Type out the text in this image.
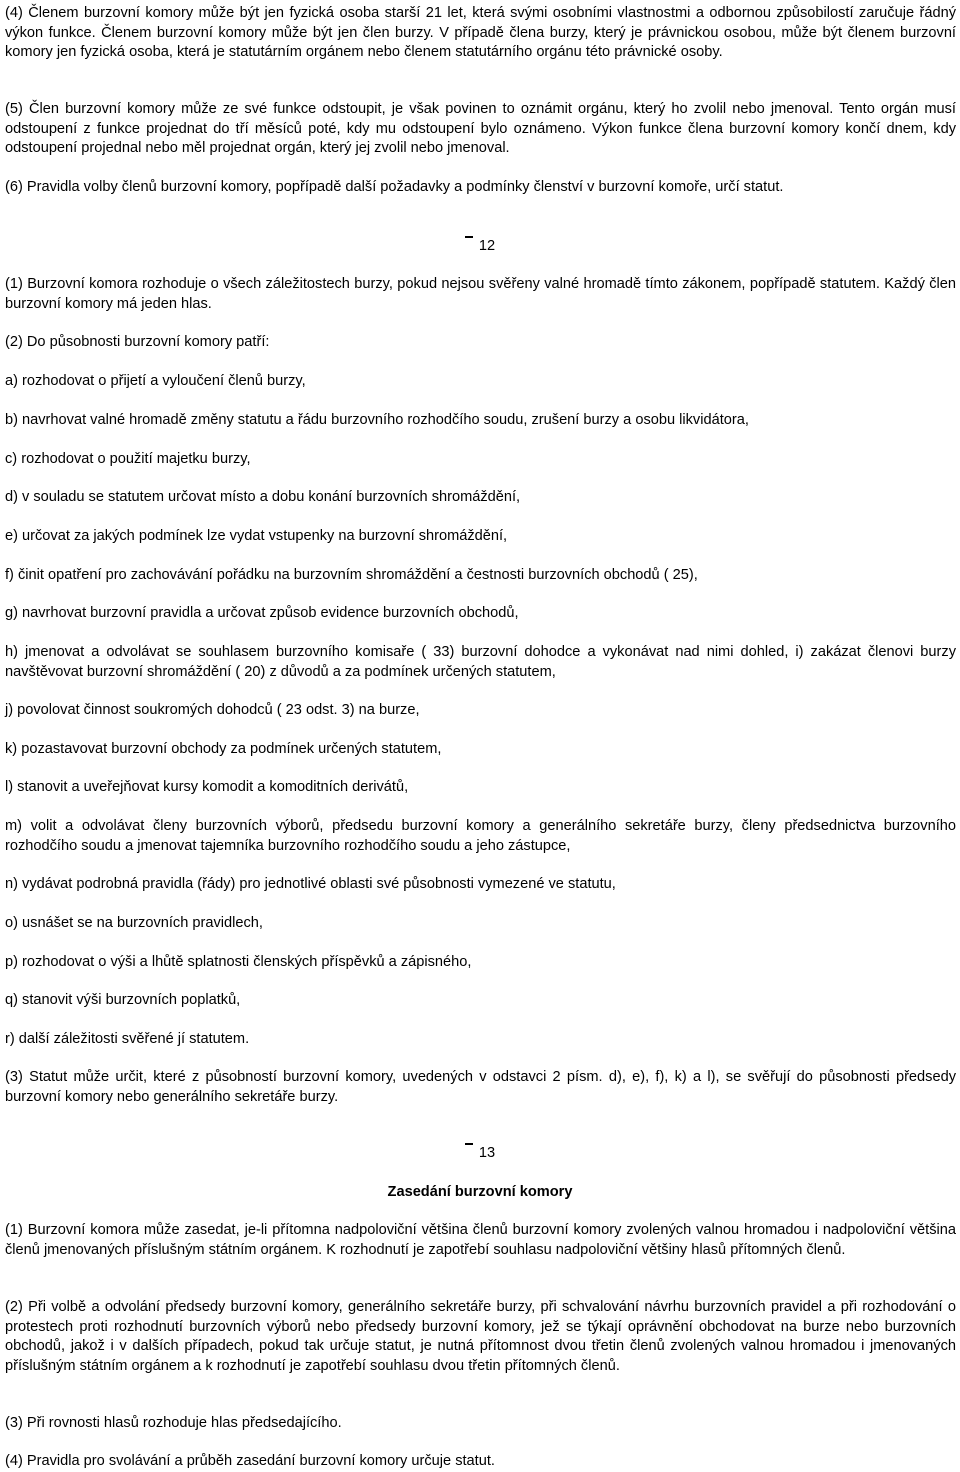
(4) Členem burzovní komory může být jen fyzická osoba starší 21 let, která svými osobními vlastnostmi a odbornou způsobilostí zaručuje řádný výkon funkce. Členem burzovní komory může být jen člen burzy. V případě člena burzy, který je právnickou osobou, může být členem burzovní komory jen fyzická osoba, která je statutárním orgánem nebo členem statutárního orgánu této právnické osoby.

(5) Člen burzovní komory může ze své funkce odstoupit, je však povinen to oznámit orgánu, který ho zvolil nebo jmenoval. Tento orgán musí odstoupení z funkce projednat do tří měsíců poté, kdy mu odstoupení bylo oznámeno. Výkon funkce člena burzovní komory končí dnem, kdy odstoupení projednal nebo měl projednat orgán, který jej zvolil nebo jmenoval.

(6) Pravidla volby členů burzovní komory, popřípadě další požadavky a podmínky členství v burzovní komoře, určí statut.

12

(1) Burzovní komora rozhoduje o všech záležitostech burzy, pokud nejsou svěřeny valné hromadě tímto zákonem, popřípadě statutem. Každý člen burzovní komory má jeden hlas.

(2) Do působnosti burzovní komory patří:

a) rozhodovat o přijetí a vyloučení členů burzy,

b) navrhovat valné hromadě změny statutu a řádu burzovního rozhodčího soudu, zrušení burzy a osobu likvidátora,

c) rozhodovat o použití majetku burzy,

d) v souladu se statutem určovat místo a dobu konání burzovních shromáždění,

e) určovat za jakých podmínek lze vydat vstupenky na burzovní shromáždění,

f) činit opatření pro zachovávání pořádku na burzovním shromáždění a čestnosti burzovních obchodů ( 25),

g) navrhovat burzovní pravidla a určovat způsob evidence burzovních obchodů,

h) jmenovat a odvolávat se souhlasem burzovního komisaře ( 33) burzovní dohodce a vykonávat nad nimi dohled, i) zakázat členovi burzy navštěvovat burzovní shromáždění ( 20) z důvodů a za podmínek určených statutem,

j) povolovat činnost soukromých dohodců ( 23 odst. 3) na burze,

k) pozastavovat burzovní obchody za podmínek určených statutem,

l) stanovit a uveřejňovat kursy komodit a komoditních derivátů,

m) volit a odvolávat členy burzovních výborů, předsedu burzovní komory a generálního sekretáře burzy, členy předsednictva burzovního rozhodčího soudu a jmenovat tajemníka burzovního rozhodčího soudu a jeho zástupce,

n) vydávat podrobná pravidla (řády) pro jednotlivé oblasti své působnosti vymezené ve statutu,

o) usnášet se na burzovních pravidlech,

p) rozhodovat o výši a lhůtě splatnosti členských příspěvků a zápisného,

q) stanovit výši burzovních poplatků,

r) další záležitosti svěřené jí statutem.

(3) Statut může určit, které z působností burzovní komory, uvedených v odstavci 2 písm. d), e), f), k) a l), se svěřují do působnosti předsedy burzovní komory nebo generálního sekretáře burzy.

13
Zasedání burzovní komory

(1) Burzovní komora může zasedat, je-li přítomna nadpoloviční většina členů burzovní komory zvolených valnou hromadou i nadpoloviční většina členů jmenovaných příslušným státním orgánem. K rozhodnutí je zapotřebí souhlasu nadpoloviční většiny hlasů přítomných členů.

(2) Při volbě a odvolání předsedy burzovní komory, generálního sekretáře burzy, při schvalování návrhu burzovních pravidel a při rozhodování o protestech proti rozhodnutí burzovních výborů nebo předsedy burzovní komory, jež se týkají oprávnění obchodovat na burze nebo burzovních obchodů, jakož i v dalších případech, pokud tak určuje statut, je nutná přítomnost dvou třetin členů zvolených valnou hromadou i jmenovaných příslušným státním orgánem a k rozhodnutí je zapotřebí souhlasu dvou třetin přítomných členů.

(3) Při rovnosti hlasů rozhoduje hlas předsedajícího.

(4) Pravidla pro svolávání a průběh zasedání burzovní komory určuje statut.
